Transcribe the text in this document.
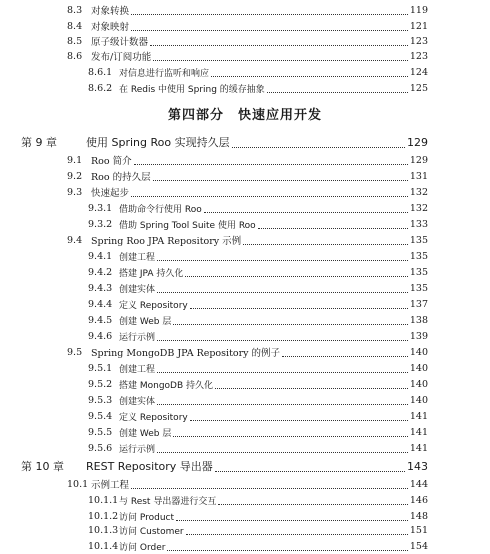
8.3 对象转换	119
8.4 对象映射	121
8.5 原子级计数器	123
8.6 发布/订阅功能	123
8.6.1 对信息进行监听和响应	124
8.6.2 在 Redis 中使用 Spring 的缓存抽象	125
第 9 章	使用 Spring Roo 实现持久层	129
9.1 Roo 简介	129
9.2 Roo 的持久层	131
9.3 快速起步	132
9.3.1 借助命令行使用 Roo	132
9.3.2 借助 Spring Tool Suite 使用 Roo	133
9.4 Spring Roo JPA Repository 示例	135
9.4.1 创建工程	135
9.4.2 搭建 JPA 持久化	135
9.4.3 创建实体	135
9.4.4 定义 Repository	137
9.4.5 创建 Web 层	138
9.4.6 运行示例	139
9.5 Spring MongoDB JPA Repository 的例子	140
9.5.1 创建工程	140
9.5.2 搭建 MongoDB 持久化	140
9.5.3 创建实体	140
9.5.4 定义 Repository	141
9.5.5 创建 Web 层	141
9.5.6 运行示例	141
第 10 章 REST Repository 导出器	143
10.1 示例工程	144
10.1.1 与 Rest 导出器进行交互	146
10.1.2 访问 Product	148
10.1.3 访问 Customer	151
10.1.4 访问 Order	154
第四部分　快速应用开发
